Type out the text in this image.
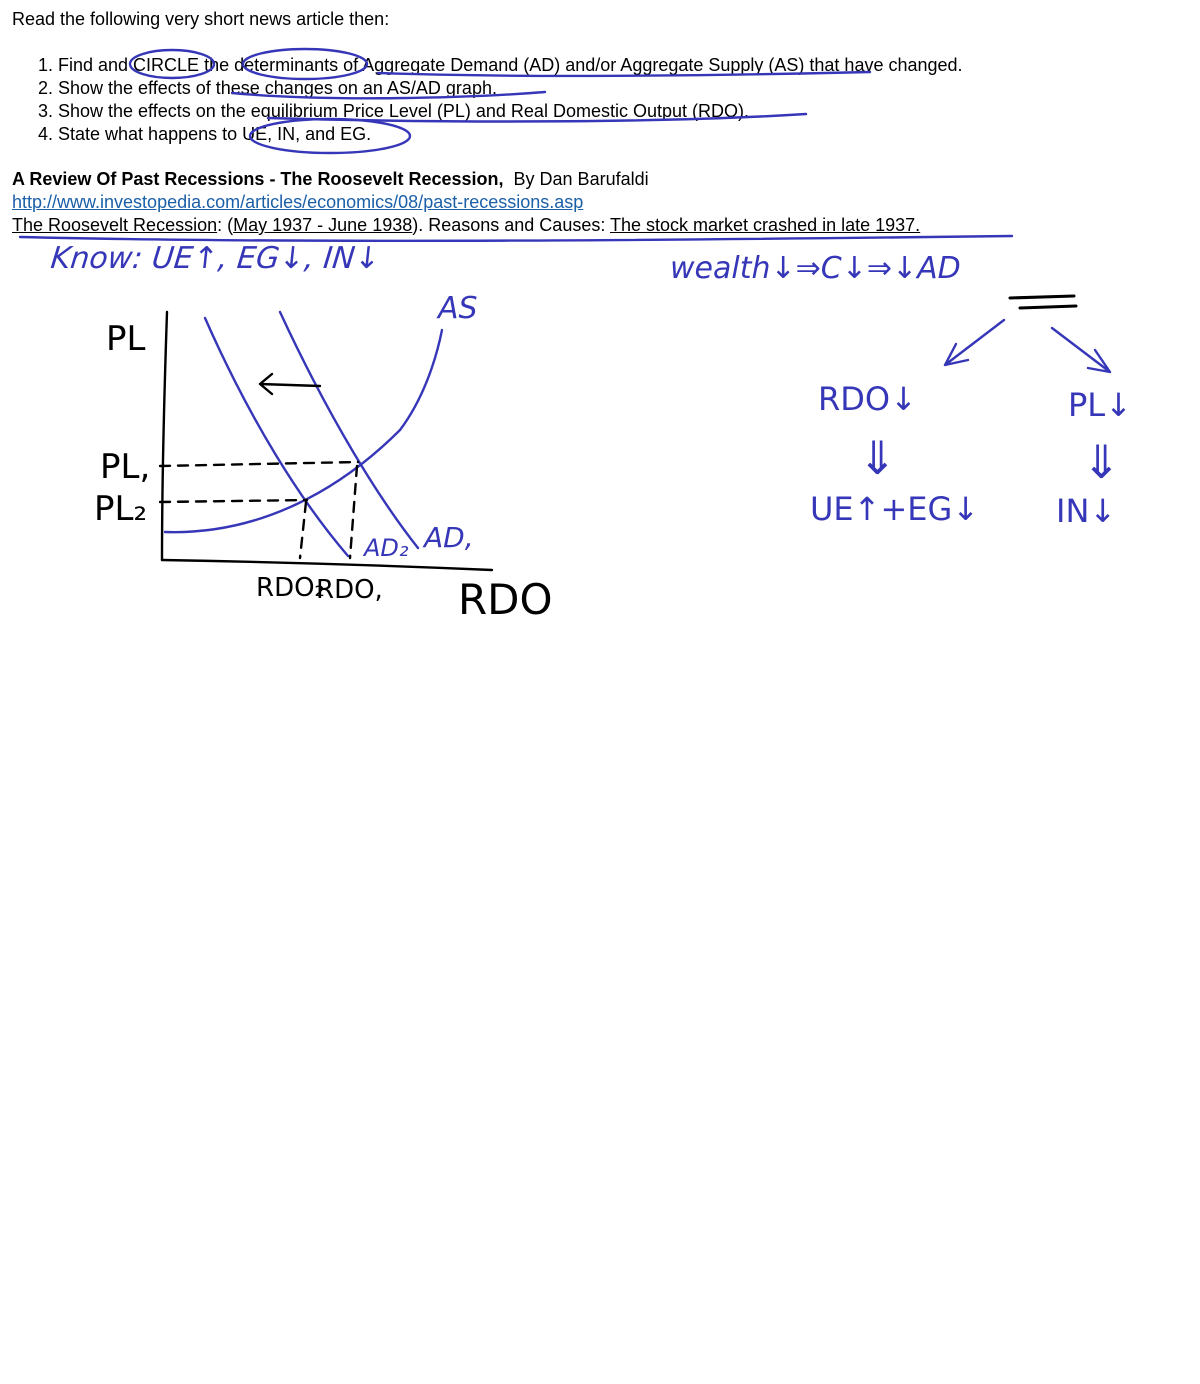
Read the following very short news article then:
1. Find and CIRCLE the determinants of Aggregate Demand (AD) and/or Aggregate Supply (AS) that have changed.
2. Show the effects of these changes on an AS/AD graph.
3. Show the effects on the equilibrium Price Level (PL) and Real Domestic Output (RDO).
4. State what happens to UE, IN, and EG.
A Review Of Past Recessions - The Roosevelt Recession, By Dan Barufaldi
http://www.investopedia.com/articles/economics/08/past-recessions.asp
The Roosevelt Recession: (May 1937 - June 1938). Reasons and Causes: The stock market crashed in late 1937.
Know: UE↑, EG↓, IN↓	wealth↓⇒C↓⇒↓AD
RDO↓	PL↓
⇓	⇓
UE↑+EG↓ IN↓
AS
AD,
AD₂
PL
PL,
PL₂
RDO₂
RDO, RDO
